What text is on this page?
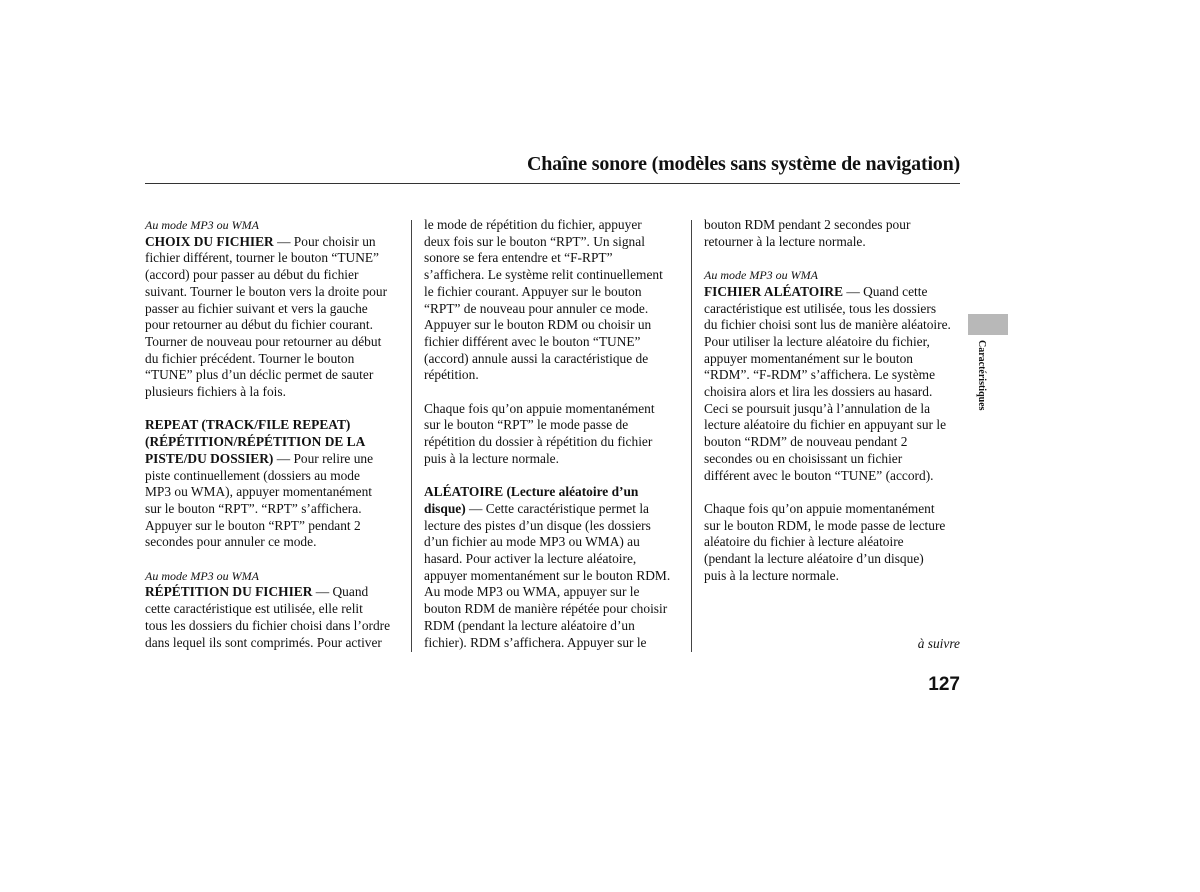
Chaîne sonore (modèles sans système de navigation)
Au mode MP3 ou WMA
CHOIX DU FICHIER — Pour choisir un
fichier différent, tourner le bouton “TUNE”
(accord) pour passer au début du fichier
suivant. Tourner le bouton vers la droite pour
passer au fichier suivant et vers la gauche
pour retourner au début du fichier courant.
Tourner de nouveau pour retourner au début
du fichier précédent. Tourner le bouton
“TUNE” plus d’un déclic permet de sauter
plusieurs fichiers à la fois.
REPEAT (TRACK/FILE REPEAT)
(RÉPÉTITION/RÉPÉTITION DE LA
PISTE/DU DOSSIER) — Pour relire une
piste continuellement (dossiers au mode
MP3 ou WMA), appuyer momentanément
sur le bouton “RPT”. “RPT” s’affichera.
Appuyer sur le bouton “RPT” pendant 2
secondes pour annuler ce mode.
Au mode MP3 ou WMA
RÉPÉTITION DU FICHIER — Quand
cette caractéristique est utilisée, elle relit
tous les dossiers du fichier choisi dans l’ordre
dans lequel ils sont comprimés. Pour activer
le mode de répétition du fichier, appuyer
deux fois sur le bouton “RPT”. Un signal
sonore se fera entendre et “F-RPT”
s’affichera. Le système relit continuellement
le fichier courant. Appuyer sur le bouton
“RPT” de nouveau pour annuler ce mode.
Appuyer sur le bouton RDM ou choisir un
fichier différent avec le bouton “TUNE”
(accord) annule aussi la caractéristique de
répétition.
Chaque fois qu’on appuie momentanément
sur le bouton “RPT” le mode passe de
répétition du dossier à répétition du fichier
puis à la lecture normale.
ALÉATOIRE (Lecture aléatoire d’un
disque) — Cette caractéristique permet la
lecture des pistes d’un disque (les dossiers
d’un fichier au mode MP3 ou WMA) au
hasard. Pour activer la lecture aléatoire,
appuyer momentanément sur le bouton RDM.
Au mode MP3 ou WMA, appuyer sur le
bouton RDM de manière répétée pour choisir
RDM (pendant la lecture aléatoire d’un
fichier). RDM s’affichera. Appuyer sur le
bouton RDM pendant 2 secondes pour
retourner à la lecture normale.
Au mode MP3 ou WMA
FICHIER ALÉATOIRE — Quand cette
caractéristique est utilisée, tous les dossiers
du fichier choisi sont lus de manière aléatoire.
Pour utiliser la lecture aléatoire du fichier,
appuyer momentanément sur le bouton
“RDM”. “F-RDM” s’affichera. Le système
choisira alors et lira les dossiers au hasard.
Ceci se poursuit jusqu’à l’annulation de la
lecture aléatoire du fichier en appuyant sur le
bouton “RDM” de nouveau pendant 2
secondes ou en choisissant un fichier
différent avec le bouton “TUNE” (accord).
Chaque fois qu’on appuie momentanément
sur le bouton RDM, le mode passe de lecture
aléatoire du fichier à lecture aléatoire
(pendant la lecture aléatoire d’un disque)
puis à la lecture normale.
Caractéristiques
à suivre
127
